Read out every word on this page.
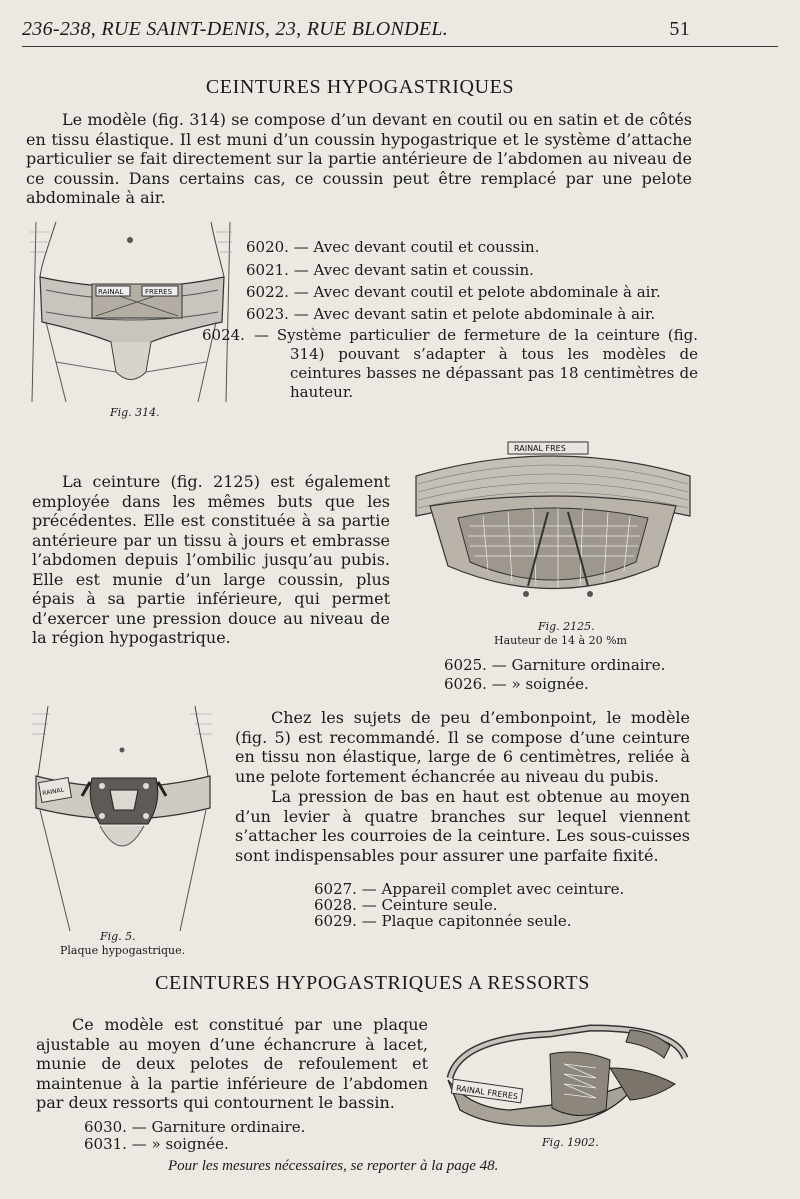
236-238, RUE SAINT-DENIS, 23, RUE BLONDEL.	51
CEINTURES HYPOGASTRIQUES

Le modèle (fig. 314) se compose d’un devant en coutil ou en satin et de côtés en tissu élastique. Il est muni d’un coussin hypogastrique et le système d’attache particulier se fait directement sur la partie antérieure de l’abdomen au niveau de ce coussin. Dans certains cas, ce coussin peut être remplacé par une pelote abdominale à air.

RAINAL	FRERES
Fig. 314.
6020. — Avec devant coutil et coussin.
6021. — Avec devant satin et coussin.
6022. — Avec devant coutil et pelote abdominale à air.
6023. — Avec devant satin et pelote abdominale à air.
6024. — Système particulier de fermeture de la ceinture (fig. 314) pouvant s’adapter à tous les modèles de ceintures basses ne dépassant pas 18 centimètres de hauteur.

La ceinture (fig. 2125) est également employée dans les mêmes buts que les précédentes. Elle est constituée à sa partie antérieure par un tissu à jours et embrasse l’abdomen depuis l’ombilic jusqu’au pubis. Elle est munie d’un large coussin, plus épais à sa partie inférieure, qui permet d’exercer une pression douce au niveau de la région hypogastrique.

RAINAL FRES
Fig. 2125.
Hauteur de 14 à 20 %m
6025. — Garniture ordinaire.
6026. — » soignée.
RAINAL
Fig. 5.
Plaque hypogastrique.

Chez les sujets de peu d’embonpoint, le modèle (fig. 5) est recommandé. Il se compose d’une ceinture en tissu non élastique, large de 6 centimètres, reliée à une pelote fortement échancrée au niveau du pubis.

La pression de bas en haut est obtenue au moyen d’un levier à quatre branches sur lequel viennent s’attacher les courroies de la ceinture. Les sous-cuisses sont indispensables pour assurer une parfaite fixité.

6027. — Appareil complet avec ceinture.
6028. — Ceinture seule.
6029. — Plaque capitonnée seule.
CEINTURES HYPOGASTRIQUES A RESSORTS

Ce modèle est constitué par une plaque ajustable au moyen d’une échancrure à lacet, munie de deux pelotes de refoulement et maintenue à la partie inférieure de l’abdomen par deux ressorts qui contournent le bassin.

RAINAL FRERES
Fig. 1902.
6030. — Garniture ordinaire.
6031. — » soignée.
Pour les mesures nécessaires, se reporter à la page 48.
